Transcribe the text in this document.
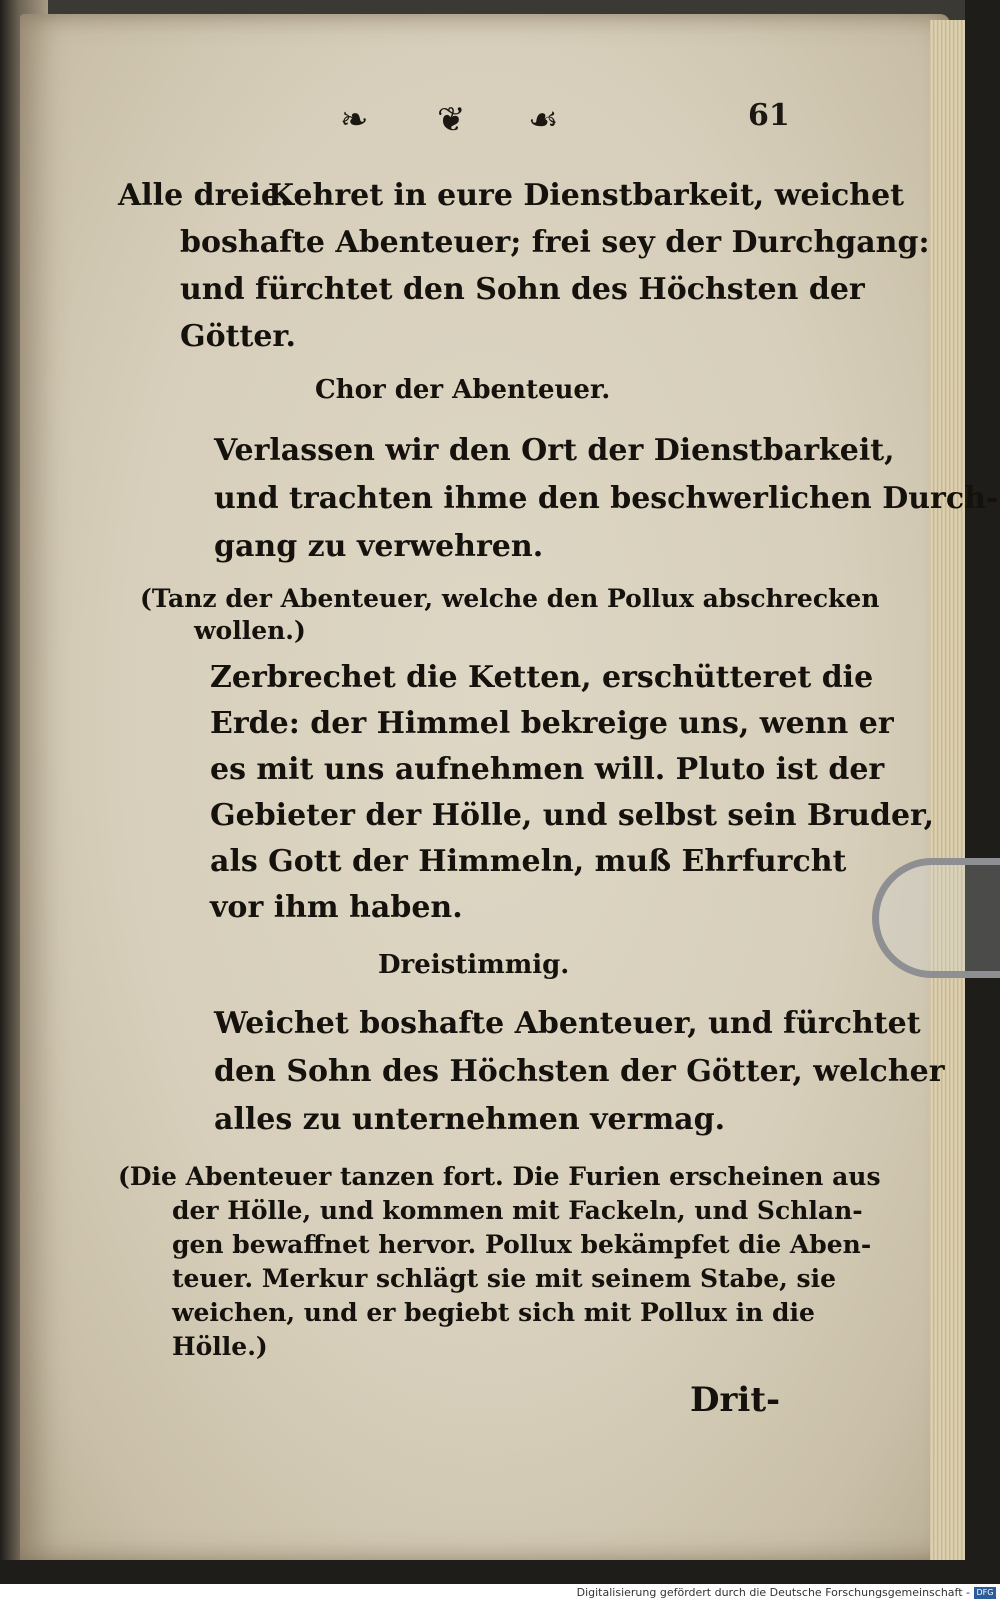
❧ ❦ ☙	61
Alle dreie.
Kehret in eure Dienstbarkeit, weichet
boshafte Abenteuer; frei sey der Durchgang:
und fürchtet den Sohn des Höchsten der
Götter.
Chor der Abenteuer.
Verlassen wir den Ort der Dienstbarkeit,
und trachten ihme den beschwerlichen Durch-
gang zu verwehren.
(Tanz der Abenteuer, welche den Pollux abschrecken
wollen.)
Zerbrechet die Ketten, erschütteret die
Erde: der Himmel bekreige uns, wenn er
es mit uns aufnehmen will. Pluto ist der
Gebieter der Hölle, und selbst sein Bruder,
als Gott der Himmeln, muß Ehrfurcht
vor ihm haben.
Dreistimmig.
Weichet boshafte Abenteuer, und fürchtet
den Sohn des Höchsten der Götter, welcher
alles zu unternehmen vermag.
(Die Abenteuer tanzen fort. Die Furien erscheinen aus
der Hölle, und kommen mit Fackeln, und Schlan-
gen bewaffnet hervor. Pollux bekämpfet die Aben-
teuer. Merkur schlägt sie mit seinem Stabe, sie
weichen, und er begiebt sich mit Pollux in die
Hölle.)
Drit-
Digitalisierung gefördert durch die Deutsche Forschungsgemeinschaft - DFG
